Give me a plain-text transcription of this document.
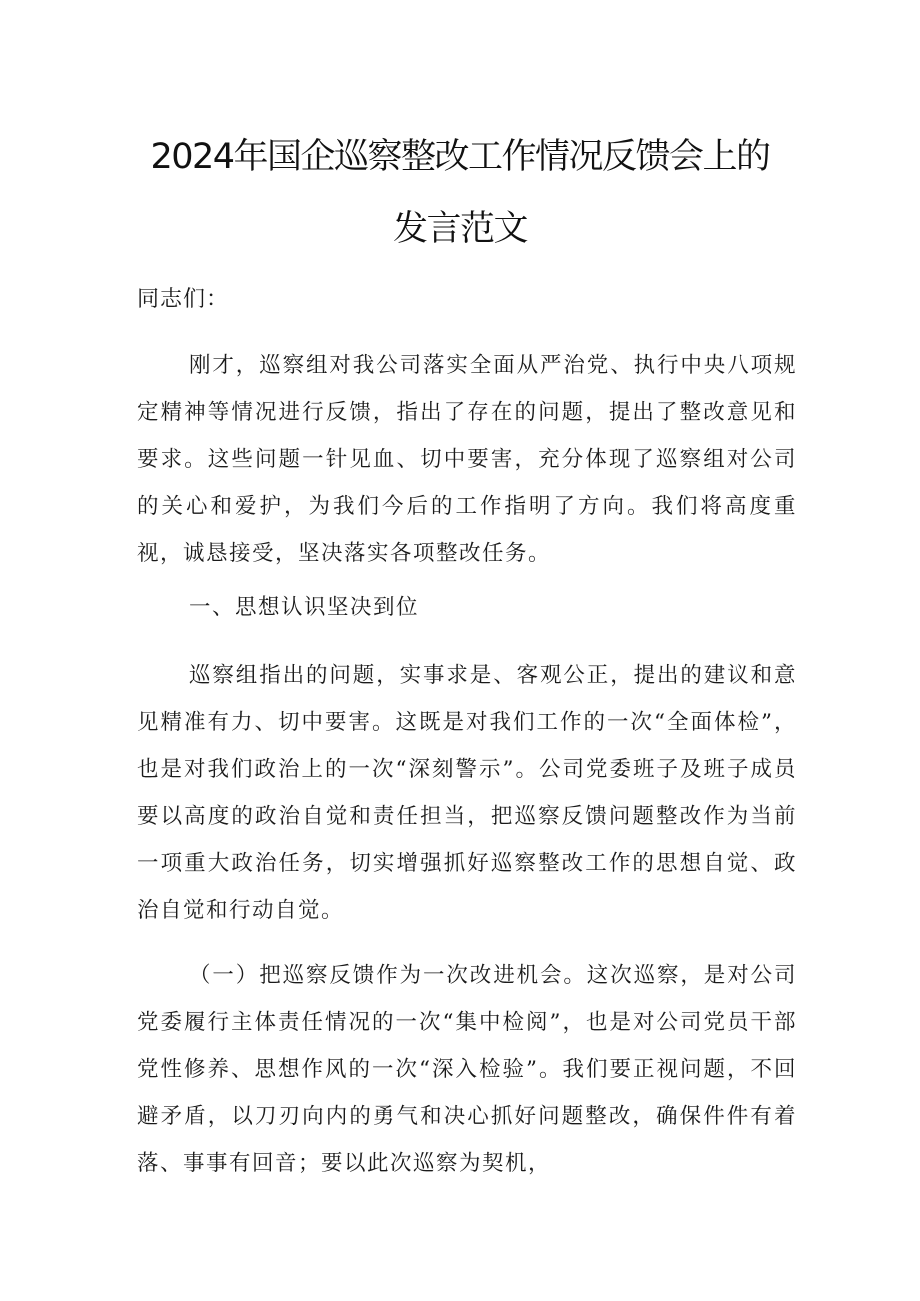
2024年国企巡察整改工作情况反馈会上的
发言范文
同志们：

刚才，巡察组对我公司落实全面从严治党、执行中央八项规定精神等情况进行反馈，指出了存在的问题，提出了整改意见和要求。这些问题一针见血、切中要害，充分体现了巡察组对公司的关心和爱护，为我们今后的工作指明了方向。我们将高度重视，诚恳接受，坚决落实各项整改任务。

一、思想认识坚决到位

巡察组指出的问题，实事求是、客观公正，提出的建议和意见精准有力、切中要害。这既是对我们工作的一次“全面体检”，也是对我们政治上的一次“深刻警示”。公司党委班子及班子成员要以高度的政治自觉和责任担当，把巡察反馈问题整改作为当前一项重大政治任务，切实增强抓好巡察整改工作的思想自觉、政治自觉和行动自觉。

（一）把巡察反馈作为一次改进机会。这次巡察，是对公司党委履行主体责任情况的一次“集中检阅”，也是对公司党员干部党性修养、思想作风的一次“深入检验”。我们要正视问题，不回避矛盾，以刀刃向内的勇气和决心抓好问题整改，确保件件有着落、事事有回音；要以此次巡察为契机，
